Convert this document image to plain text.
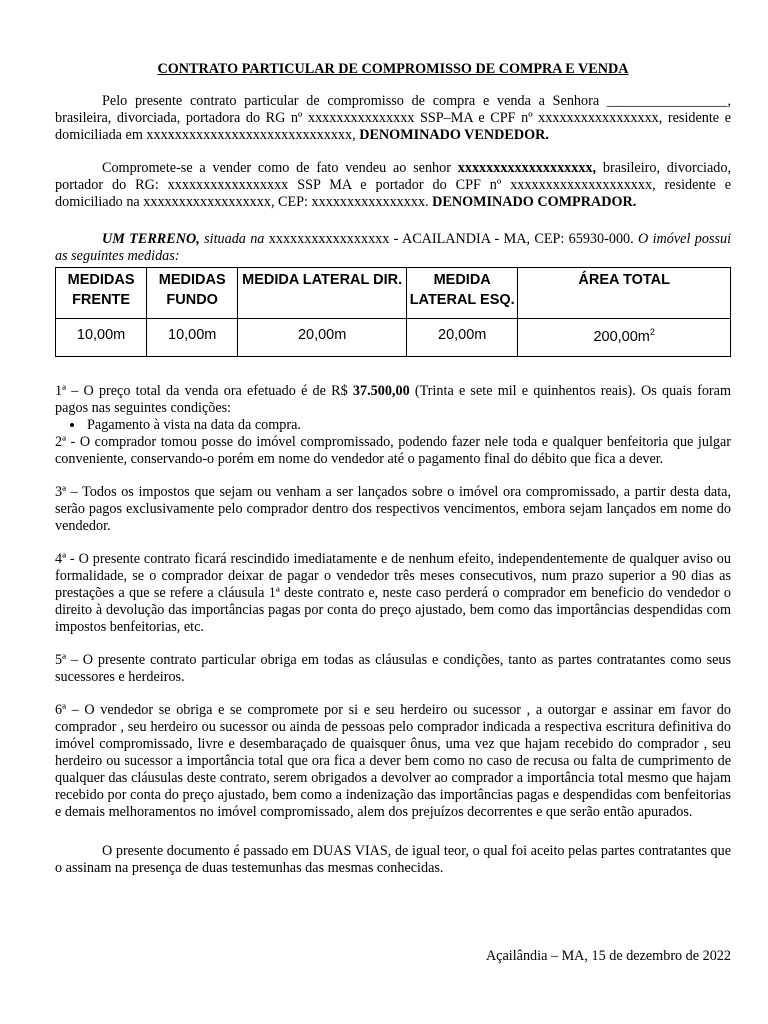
CONTRATO PARTICULAR DE COMPROMISSO DE COMPRA E VENDA

Pelo presente contrato particular de compromisso de compra e venda a Senhora _________________, brasileira, divorciada, portadora do RG nº xxxxxxxxxxxxxxx SSP–MA e CPF nº xxxxxxxxxxxxxxxxx, residente e domiciliada em xxxxxxxxxxxxxxxxxxxxxxxxxxxxx, DENOMINADO VENDEDOR.

Compromete-se a vender como de fato vendeu ao senhor xxxxxxxxxxxxxxxxxxx, brasileiro, divorciado, portador do RG: xxxxxxxxxxxxxxxxx SSP MA e portador do CPF nº xxxxxxxxxxxxxxxxxxxx, residente e domiciliado na xxxxxxxxxxxxxxxxxx, CEP: xxxxxxxxxxxxxxxx. DENOMINADO COMPRADOR.

UM TERRENO, situada na xxxxxxxxxxxxxxxxx - ACAILANDIA - MA, CEP: 65930-000. O imóvel possui as seguintes medidas:

MEDIDAS FRENTE	MEDIDAS FUNDO	MEDIDA LATERAL DIR.	MEDIDA LATERAL ESQ.	ÁREA TOTAL
10,00m	10,00m	20,00m	20,00m	$200,00m^2$

1ª – O preço total da venda ora efetuado é de R$ 37.500,00 (Trinta e sete mil e quinhentos reais). Os quais foram pagos nas seguintes condições:

• Pagamento à vista na data da compra.

2ª - O comprador tomou posse do imóvel compromissado, podendo fazer nele toda e qualquer benfeitoria que julgar conveniente, conservando-o porém em nome do vendedor até o pagamento final do débito que fica a dever.

3ª – Todos os impostos que sejam ou venham a ser lançados sobre o imóvel ora compromissado, a partir desta data, serão pagos exclusivamente pelo comprador dentro dos respectivos vencimentos, embora sejam lançados em nome do vendedor.

4ª - O presente contrato ficará rescindido imediatamente e de nenhum efeito, independentemente de qualquer aviso ou formalidade, se o comprador deixar de pagar o vendedor três meses consecutivos, num prazo superior a 90 dias as prestações a que se refere a cláusula 1ª deste contrato e, neste caso perderá o comprador em beneficio do vendedor o direito à devolução das importâncias pagas por conta do preço ajustado, bem como das importâncias despendidas com impostos benfeitorias, etc.

5ª – O presente contrato particular obriga em todas as cláusulas e condições, tanto as partes contratantes como seus sucessores e herdeiros.

6ª – O vendedor se obriga e se compromete por si e seu herdeiro ou sucessor , a outorgar e assinar em favor do comprador , seu herdeiro ou sucessor ou ainda de pessoas pelo comprador indicada a respectiva escritura definitiva do imóvel compromissado, livre e desembaraçado de quaisquer ônus, uma vez que hajam recebido do comprador , seu herdeiro ou sucessor a importância total que ora fica a dever bem como no caso de recusa ou falta de cumprimento de qualquer das cláusulas deste contrato, serem obrigados a devolver ao comprador a importância total mesmo que hajam recebido por conta do preço ajustado, bem como a indenização das importâncias pagas e despendidas com benfeitorias e demais melhoramentos no imóvel compromissado, alem dos prejuízos decorrentes e que serão então apurados.

O presente documento é passado em DUAS VIAS, de igual teor, o qual foi aceito pelas partes contratantes que o assinam na presença de duas testemunhas das mesmas conhecidas.

Açailândia – MA, 15 de dezembro de 2022
